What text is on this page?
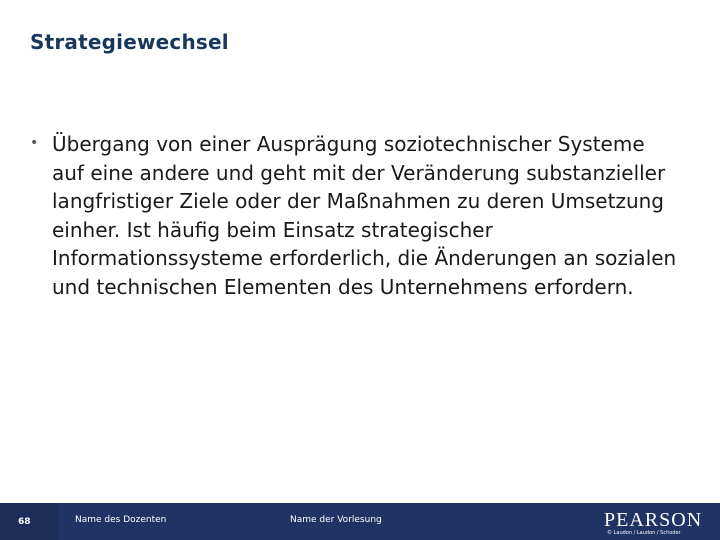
Strategiewechsel
• Übergang von einer Ausprägung soziotechnischer Systeme auf eine andere und geht mit der Veränderung substanzieller langfristiger Ziele oder der Maßnahmen zu deren Umsetzung einher. Ist häufig beim Einsatz strategischer Informationssysteme erforderlich, die Änderungen an sozialen und technischen Elementen des Unternehmens erfordern.
68	Name des Dozenten	Name der Vorlesung	PEARSON
© Laudon / Laudon / Schoder
